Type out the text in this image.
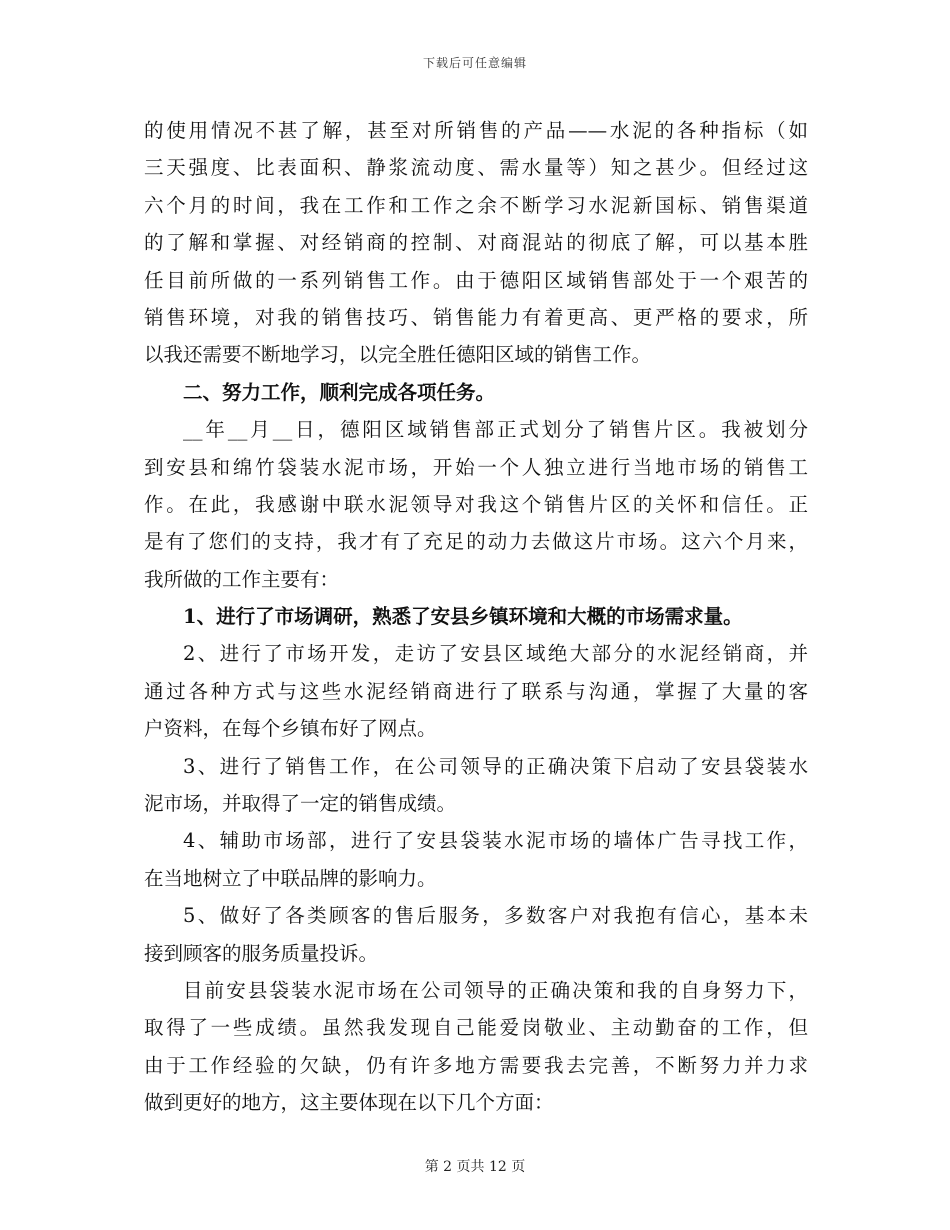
下载后可任意编辑
的使用情况不甚了解，甚至对所销售的产品——水泥的各种指标（如
三天强度、比表面积、静浆流动度、需水量等）知之甚少。但经过这
六个月的时间，我在工作和工作之余不断学习水泥新国标、销售渠道
的了解和掌握、对经销商的控制、对商混站的彻底了解，可以基本胜
任目前所做的一系列销售工作。由于德阳区域销售部处于一个艰苦的
销售环境，对我的销售技巧、销售能力有着更高、更严格的要求，所
以我还需要不断地学习，以完全胜任德阳区域的销售工作。
二、努力工作，顺利完成各项任务。
__年__月__日，德阳区域销售部正式划分了销售片区。我被划分
到安县和绵竹袋装水泥市场，开始一个人独立进行当地市场的销售工
作。在此，我感谢中联水泥领导对我这个销售片区的关怀和信任。正
是有了您们的支持，我才有了充足的动力去做这片市场。这六个月来，
我所做的工作主要有：
1、进行了市场调研，熟悉了安县乡镇环境和大概的市场需求量。
2、进行了市场开发，走访了安县区域绝大部分的水泥经销商，并
通过各种方式与这些水泥经销商进行了联系与沟通，掌握了大量的客
户资料，在每个乡镇布好了网点。
3、进行了销售工作，在公司领导的正确决策下启动了安县袋装水
泥市场，并取得了一定的销售成绩。
4、辅助市场部，进行了安县袋装水泥市场的墙体广告寻找工作，
在当地树立了中联品牌的影响力。
5、做好了各类顾客的售后服务，多数客户对我抱有信心，基本未
接到顾客的服务质量投诉。
目前安县袋装水泥市场在公司领导的正确决策和我的自身努力下，
取得了一些成绩。虽然我发现自己能爱岗敬业、主动勤奋的工作，但
由于工作经验的欠缺，仍有许多地方需要我去完善，不断努力并力求
做到更好的地方，这主要体现在以下几个方面：
第 2 页共 12 页
